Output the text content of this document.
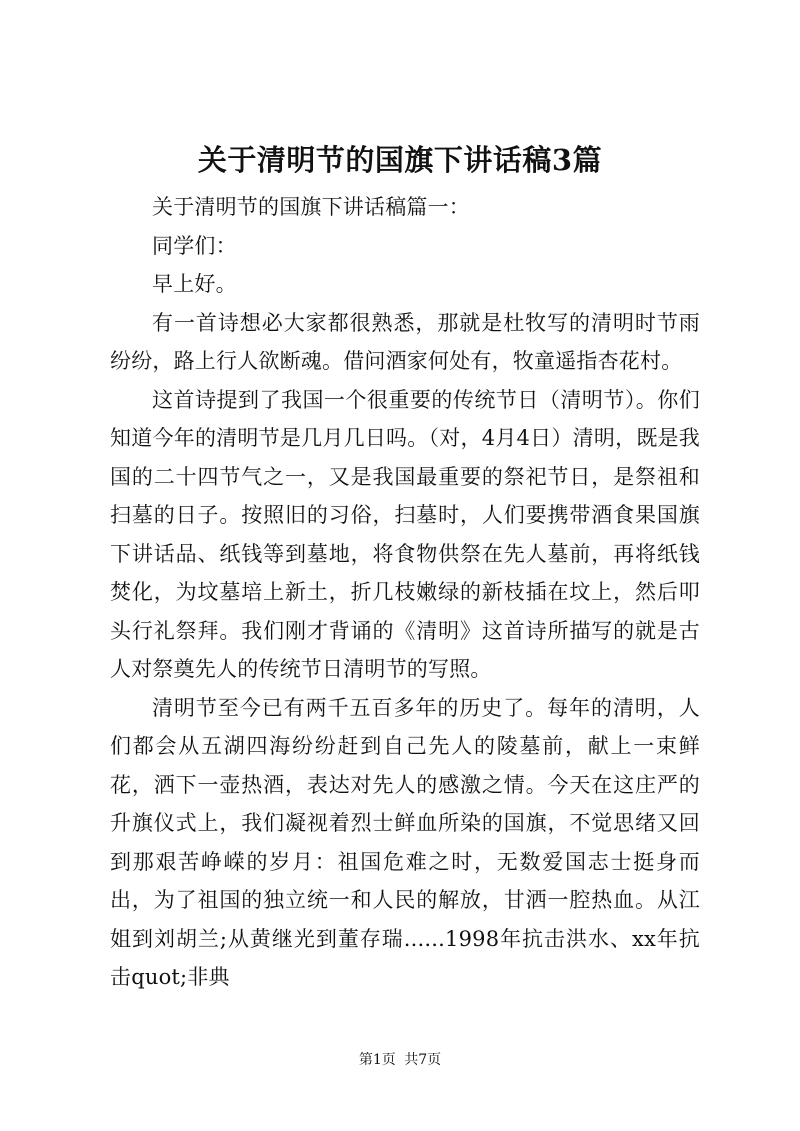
关于清明节的国旗下讲话稿3篇

关于清明节的国旗下讲话稿篇一：

同学们：

早上好。

有一首诗想必大家都很熟悉，那就是杜牧写的清明时节雨纷纷，路上行人欲断魂。借问酒家何处有，牧童遥指杏花村。

这首诗提到了我国一个很重要的传统节日（清明节）。你们知道今年的清明节是几月几日吗。（对，4月4日）清明，既是我国的二十四节气之一，又是我国最重要的祭祀节日，是祭祖和扫墓的日子。按照旧的习俗，扫墓时，人们要携带酒食果国旗下讲话品、纸钱等到墓地，将食物供祭在先人墓前，再将纸钱焚化，为坟墓培上新土，折几枝嫩绿的新枝插在坟上，然后叩头行礼祭拜。我们刚才背诵的《清明》这首诗所描写的就是古人对祭奠先人的传统节日清明节的写照。

清明节至今已有两千五百多年的历史了。每年的清明，人们都会从五湖四海纷纷赶到自己先人的陵墓前，献上一束鲜花，洒下一壶热酒，表达对先人的感激之情。今天在这庄严的升旗仪式上，我们凝视着烈士鲜血所染的国旗，不觉思绪又回到那艰苦峥嵘的岁月：祖国危难之时，无数爱国志士挺身而出，为了祖国的独立统一和人民的解放，甘洒一腔热血。从江姐到刘胡兰;从黄继光到董存瑞......1998年抗击洪水、xx年抗击quot;非典

第1页 共7页
